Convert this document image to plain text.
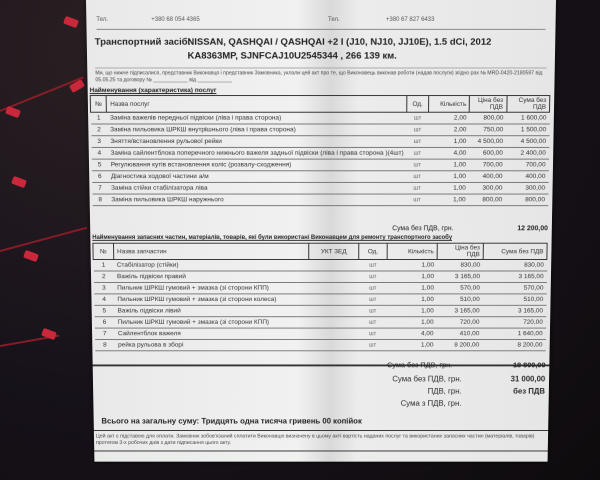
Тел.	+380 68 054 4365	Тел.	+380 67 827 6433
Транспортний засіб:
NISSAN, QASHQAI / QASHQAI +2 I (J10, NJ10, JJ10E), 1.5 dCi, 2012
KA8363MP, SJNFCAJ10U2545344 , 266 139 км.
Ми, що нижче підписалися, представник Виконавця і представник Замовника, уклали цей акт про те, що Виконавець виконав роботи (надав послуги) згідно рах № MRD-0420-2180597 від 05.05.25 та договору № ____________ від ____________
Найменування (характеристика) послуг
№	Назва послуг	Од.	Кількість	Ціна без ПДВ	Сума без ПДВ
1	Заміна важелів передньої підвіски (ліва і права сторона)	шт	2,00	800,00	1 600,00
2	Заміна пильовика ШРКШ внутрішнього (ліва і права сторона)	шт	2,00	750,00	1 500,00
3	Зняття/встановлення рульової рейки	шт	1,00	4 500,00	4 500,00
4	Заміна сайлентблока поперечного нижнього важеля задньої підвіски (ліва і права сторона )(4шт)	шт	4,00	600,00	2 400,00
5	Регулювання кутів встановлення коліс (розвалу-сходження)	шт	1,00	700,00	700,00
6	Діагностика ходової частини а/м	шт	1,00	400,00	400,00
7	Заміна стійки стабілізатора ліва	шт	1,00	300,00	300,00
8	Заміна пильовика ШРКШ наружнього	шт	1,00	800,00	800,00
Сума без ПДВ, грн.	12 200,00
Найменування запасних частин, матеріалів, товарів, які були використані Виконавцем для ремонту транспортного засобу
№	Назва запчастин	УКТ ЗЕД	Од.	Кількість	Ціна без ПДВ	Сума без ПДВ
1	Стабілізатор (стійки)		шт	1,00	830,00	830,00
2	Важіль підвіски правий		шт	1,00	3 165,00	3 165,00
3	Пильник ШРКШ гумовий + змазка (зі сторони КПП)		шт	1,00	570,00	570,00
4	Пильник ШРКШ гумовий + змазка (зі сторони колеса)		шт	1,00	510,00	510,00
5	Важіль підвіски лівий		шт	1,00	3 165,00	3 165,00
6	Пильник ШРКШ гумовий + змазка (зі сторони КПП)		шт	1,00	720,00	720,00
7	Сайлентблок важеля		шт	4,00	410,00	1 640,00
8	рейка рульова в зборі		шт	1,00	8 200,00	8 200,00
Сума без ПДВ, грн.	18 800,00
Сума без ПДВ, грн.	31 000,00
ПДВ, грн.	без ПДВ
Сума з ПДВ, грн.
Всього на загальну суму: Тридцять одна тисяча гривень 00 копійок
Цей акт є підставою для оплати. Замовник зобов'язаний сплатити Виконавцю визначену в цьому акті вартість наданих послуг та використаних запасних частин (матеріалів, товарів) протягом 3-х робочих днів з дати підписання цього акту.
